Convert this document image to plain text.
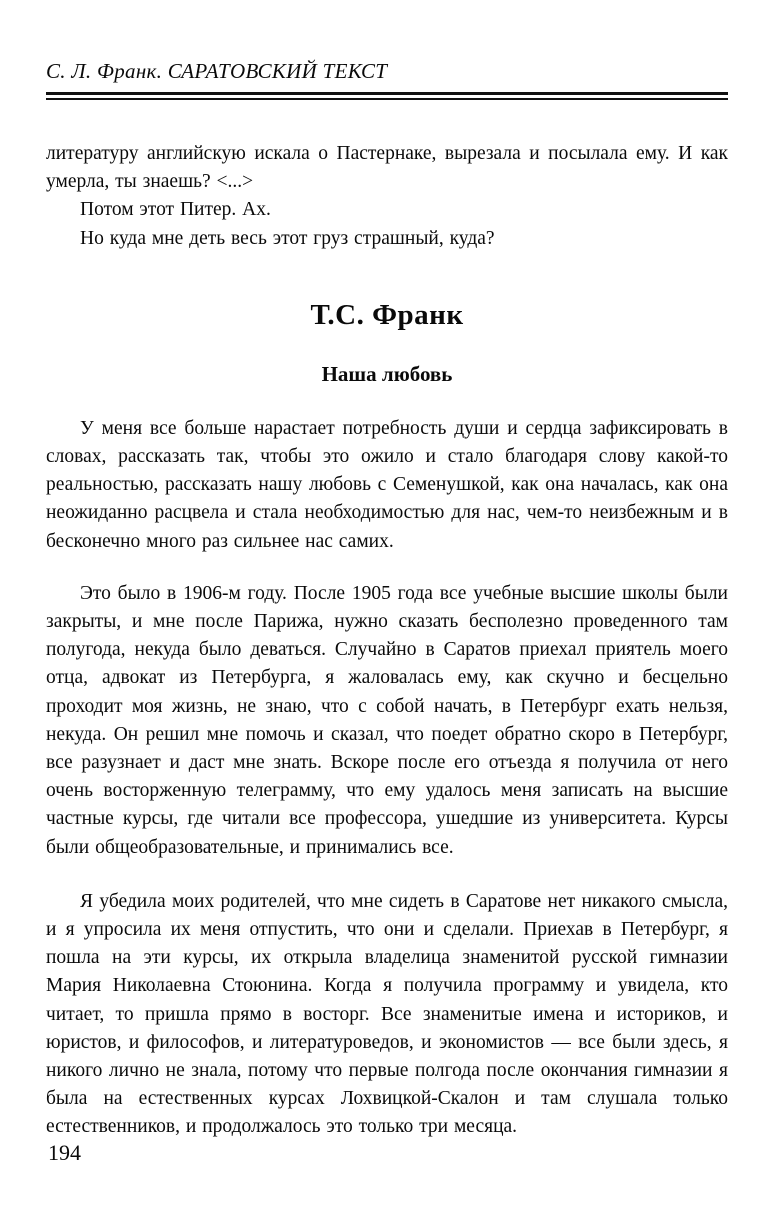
С. Л. Франк. САРАТОВСКИЙ ТЕКСТ

литературу английскую искала о Пастернаке, вырезала и посылала ему. И как умерла, ты знаешь? <...>

Потом этот Питер. Ах.

Но куда мне деть весь этот груз страшный, куда?

Т.С. Франк
Наша любовь

У меня все больше нарастает потребность души и сердца зафиксировать в словах, рассказать так, чтобы это ожило и стало благодаря слову какой-то реальностью, рассказать нашу любовь с Семенушкой, как она началась, как она неожиданно расцвела и стала необходимостью для нас, чем-то неизбежным и в бесконечно много раз сильнее нас самих.

Это было в 1906-м году. После 1905 года все учебные высшие школы были закрыты, и мне после Парижа, нужно сказать бесполезно проведенного там полугода, некуда было деваться. Случайно в Саратов приехал приятель моего отца, адвокат из Петербурга, я жаловалась ему, как скучно и бесцельно проходит моя жизнь, не знаю, что с собой начать, в Петербург ехать нельзя, некуда. Он решил мне помочь и сказал, что поедет обратно скоро в Петербург, все разузнает и даст мне знать. Вскоре после его отъезда я получила от него очень восторженную телеграмму, что ему удалось меня записать на высшие частные курсы, где читали все профессора, ушедшие из университета. Курсы были общеобразовательные, и принимались все.

Я убедила моих родителей, что мне сидеть в Саратове нет никакого смысла, и я упросила их меня отпустить, что они и сделали. Приехав в Петербург, я пошла на эти курсы, их открыла владелица знаменитой русской гимназии Мария Николаевна Стоюнина. Когда я получила программу и увидела, кто читает, то пришла прямо в восторг. Все знаменитые имена и историков, и юристов, и философов, и литературоведов, и экономистов — все были здесь, я никого лично не знала, потому что первые полгода после окончания гимназии я была на естественных курсах Лохвицкой-Скалон и там слушала только естественников, и продолжалось это только три месяца.

194
